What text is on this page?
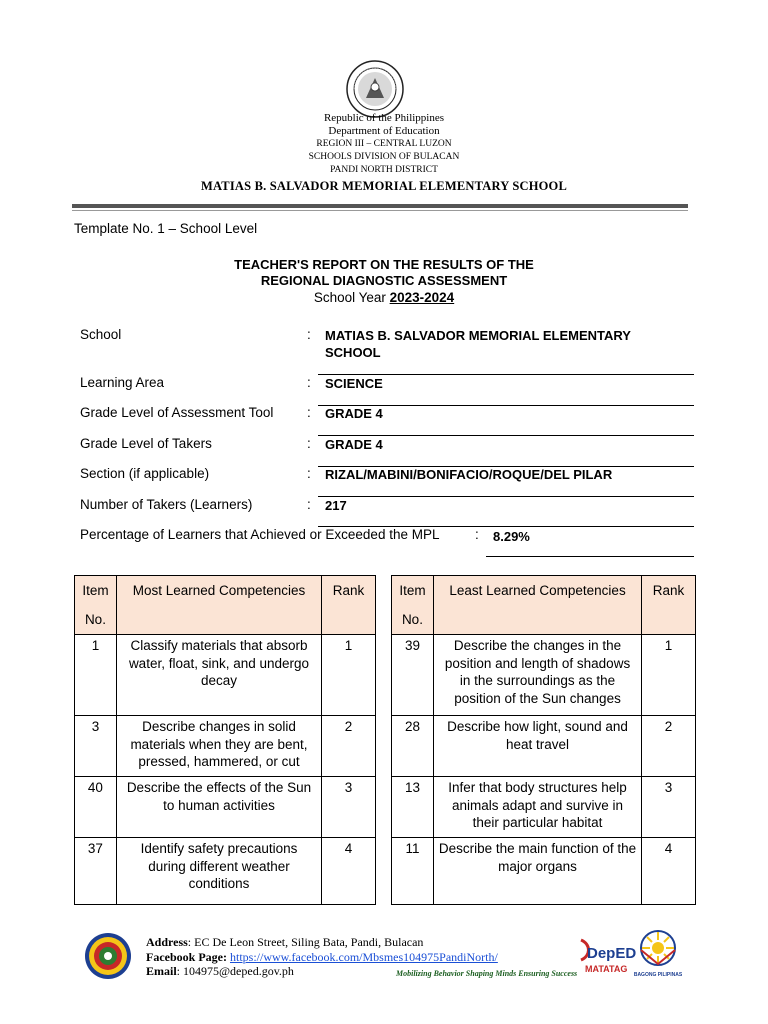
Republic of the Philippines
Department of Education
REGION III – CENTRAL LUZON
SCHOOLS DIVISION OF BULACAN
PANDI NORTH DISTRICT
MATIAS B. SALVADOR MEMORIAL ELEMENTARY SCHOOL
Template No. 1 – School Level
TEACHER'S REPORT ON THE RESULTS OF THE
REGIONAL DIAGNOSTIC ASSESSMENT
School Year 2023-2024
School	: MATIAS B. SALVADOR MEMORIAL ELEMENTARY SCHOOL
Learning Area	: SCIENCE
Grade Level of Assessment Tool : GRADE 4
Grade Level of Takers	: GRADE 4
Section (if applicable)	: RIZAL/MABINI/BONIFACIO/ROQUE/DEL PILAR
Number of Takers (Learners)	: 217
Percentage of Learners that Achieved or Exceeded the MPL	: 8.29%
Item
No.	Most Learned Competencies	Rank

1	Classify materials that absorb water, float, sink, and undergo decay	1
3	Describe changes in solid materials when they are bent, pressed, hammered, or cut	2
40	Describe the effects of the Sun to human activities	3
37	Identify safety precautions during different weather conditions	4
Item
No.	Least Learned Competencies	Rank

39	Describe the changes in the position and length of shadows in the surroundings as the position of the Sun changes	1
28	Describe how light, sound and heat travel	2
13	Infer that body structures help animals adapt and survive in their particular habitat	3
11	Describe the main function of the major organs	4
Address: EC De Leon Street, Siling Bata, Pandi, Bulacan
Facebook Page: https://www.facebook.com/Mbsmes104975PandiNorth/
Email: 104975@deped.gov.ph	Mobilizing Behavior Shaping Minds Ensuring Success
DepED
MATATAG
BAGONG PILIPINAS
